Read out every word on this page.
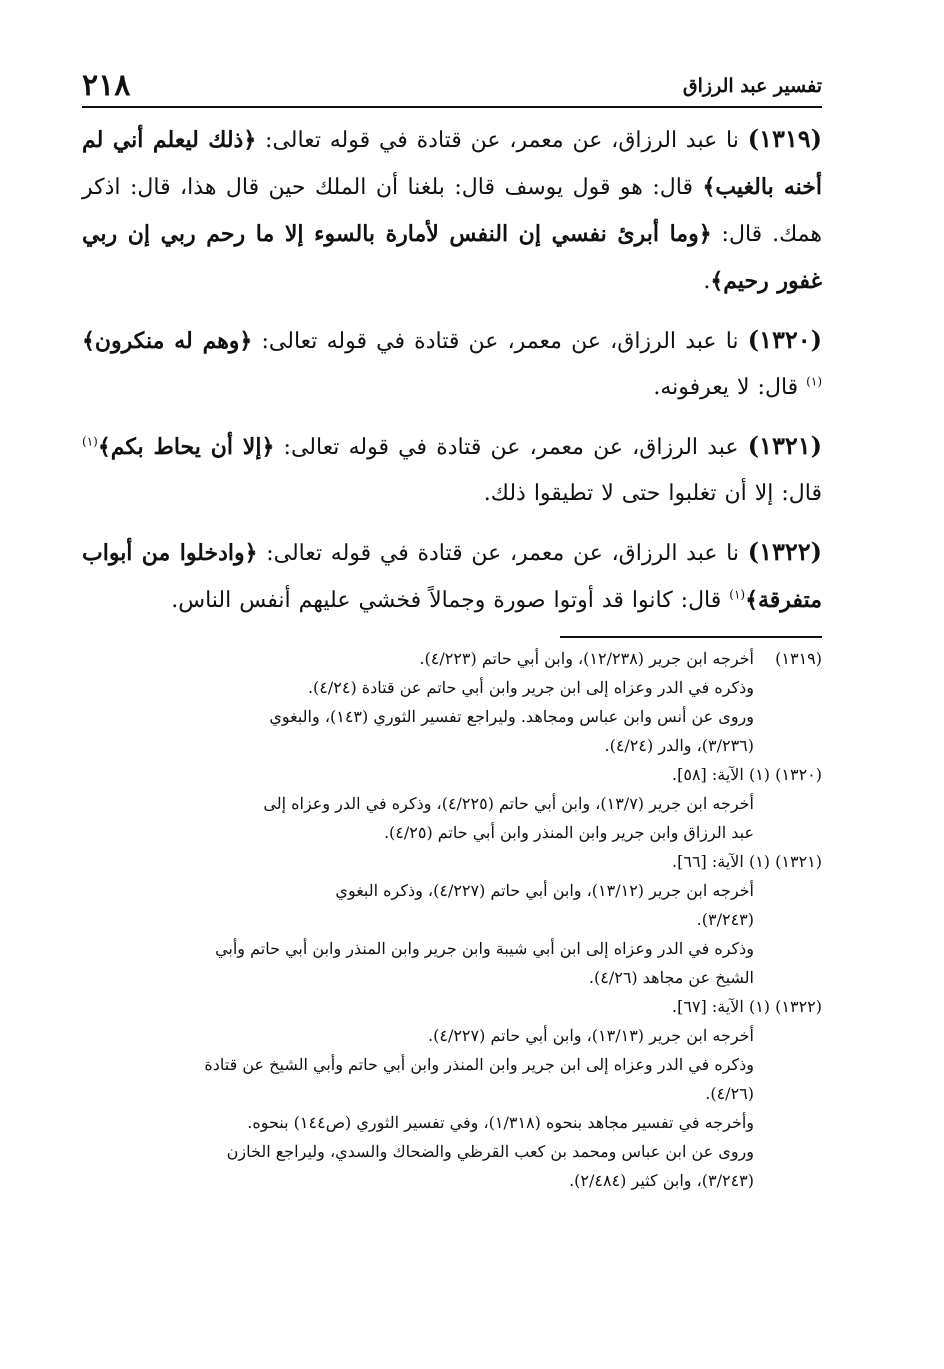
تفسير عبد الرزاق
٢١٨

(١٣١٩) نا عبد الرزاق، عن معمر، عن قتادة في قوله تعالى: ﴿ذلك ليعلم أني لم أخنه بالغيب﴾ قال: هو قول يوسف قال: بلغنا أن الملك حين قال هذا، قال: اذكر همك. قال: ﴿وما أبرئ نفسي إن النفس لأمارة بالسوء إلا ما رحم ربي إن ربي غفور رحيم﴾.

(١٣٢٠) نا عبد الرزاق، عن معمر، عن قتادة في قوله تعالى: ﴿وهم له منكرون﴾$^{(١)}$ قال: لا يعرفونه.

(١٣٢١) عبد الرزاق، عن معمر، عن قتادة في قوله تعالى: ﴿إلا أن يحاط بكم﴾$^{(١)}$ قال: إلا أن تغلبوا حتى لا تطيقوا ذلك.

(١٣٢٢) نا عبد الرزاق، عن معمر، عن قتادة في قوله تعالى: ﴿وادخلوا من أبواب متفرقة﴾$^{(١)}$ قال: كانوا قد أوتوا صورة وجمالاً فخشي عليهم أنفس الناس.

(١٣١٩)

أخرجه ابن جرير (١٢/٢٣٨)، وابن أبي حاتم (٤/٢٢٣).

وذكره في الدر وعزاه إلى ابن جرير وابن أبي حاتم عن قتادة (٤/٢٤).

وروى عن أنس وابن عباس ومجاهد. وليراجع تفسير الثوري (١٤٣)، والبغوي

(٣/٢٣٦)، والدر (٤/٢٤).

(١٣٢٠) (١) الآية: [٥٨].

أخرجه ابن جرير (١٣/٧)، وابن أبي حاتم (٤/٢٢٥)، وذكره في الدر وعزاه إلى

عبد الرزاق وابن جرير وابن المنذر وابن أبي حاتم (٤/٢٥).

(١٣٢١) (١) الآية: [٦٦].

أخرجه ابن جرير (١٣/١٢)، وابن أبي حاتم (٤/٢٢٧)، وذكره البغوي

(٣/٢٤٣).

وذكره في الدر وعزاه إلى ابن أبي شيبة وابن جرير وابن المنذر وابن أبي حاتم وأبي

الشيخ عن مجاهد (٤/٢٦).

(١٣٢٢) (١) الآية: [٦٧].

أخرجه ابن جرير (١٣/١٣)، وابن أبي حاتم (٤/٢٢٧).

وذكره في الدر وعزاه إلى ابن جرير وابن المنذر وابن أبي حاتم وأبي الشيخ عن قتادة

(٤/٢٦).

وأخرجه في تفسير مجاهد بنحوه (١/٣١٨)، وفي تفسير الثوري (ص١٤٤) بنحوه.

وروى عن ابن عباس ومحمد بن كعب القرظي والضحاك والسدي، وليراجع الخازن

(٣/٢٤٣)، وابن كثير (٢/٤٨٤).
